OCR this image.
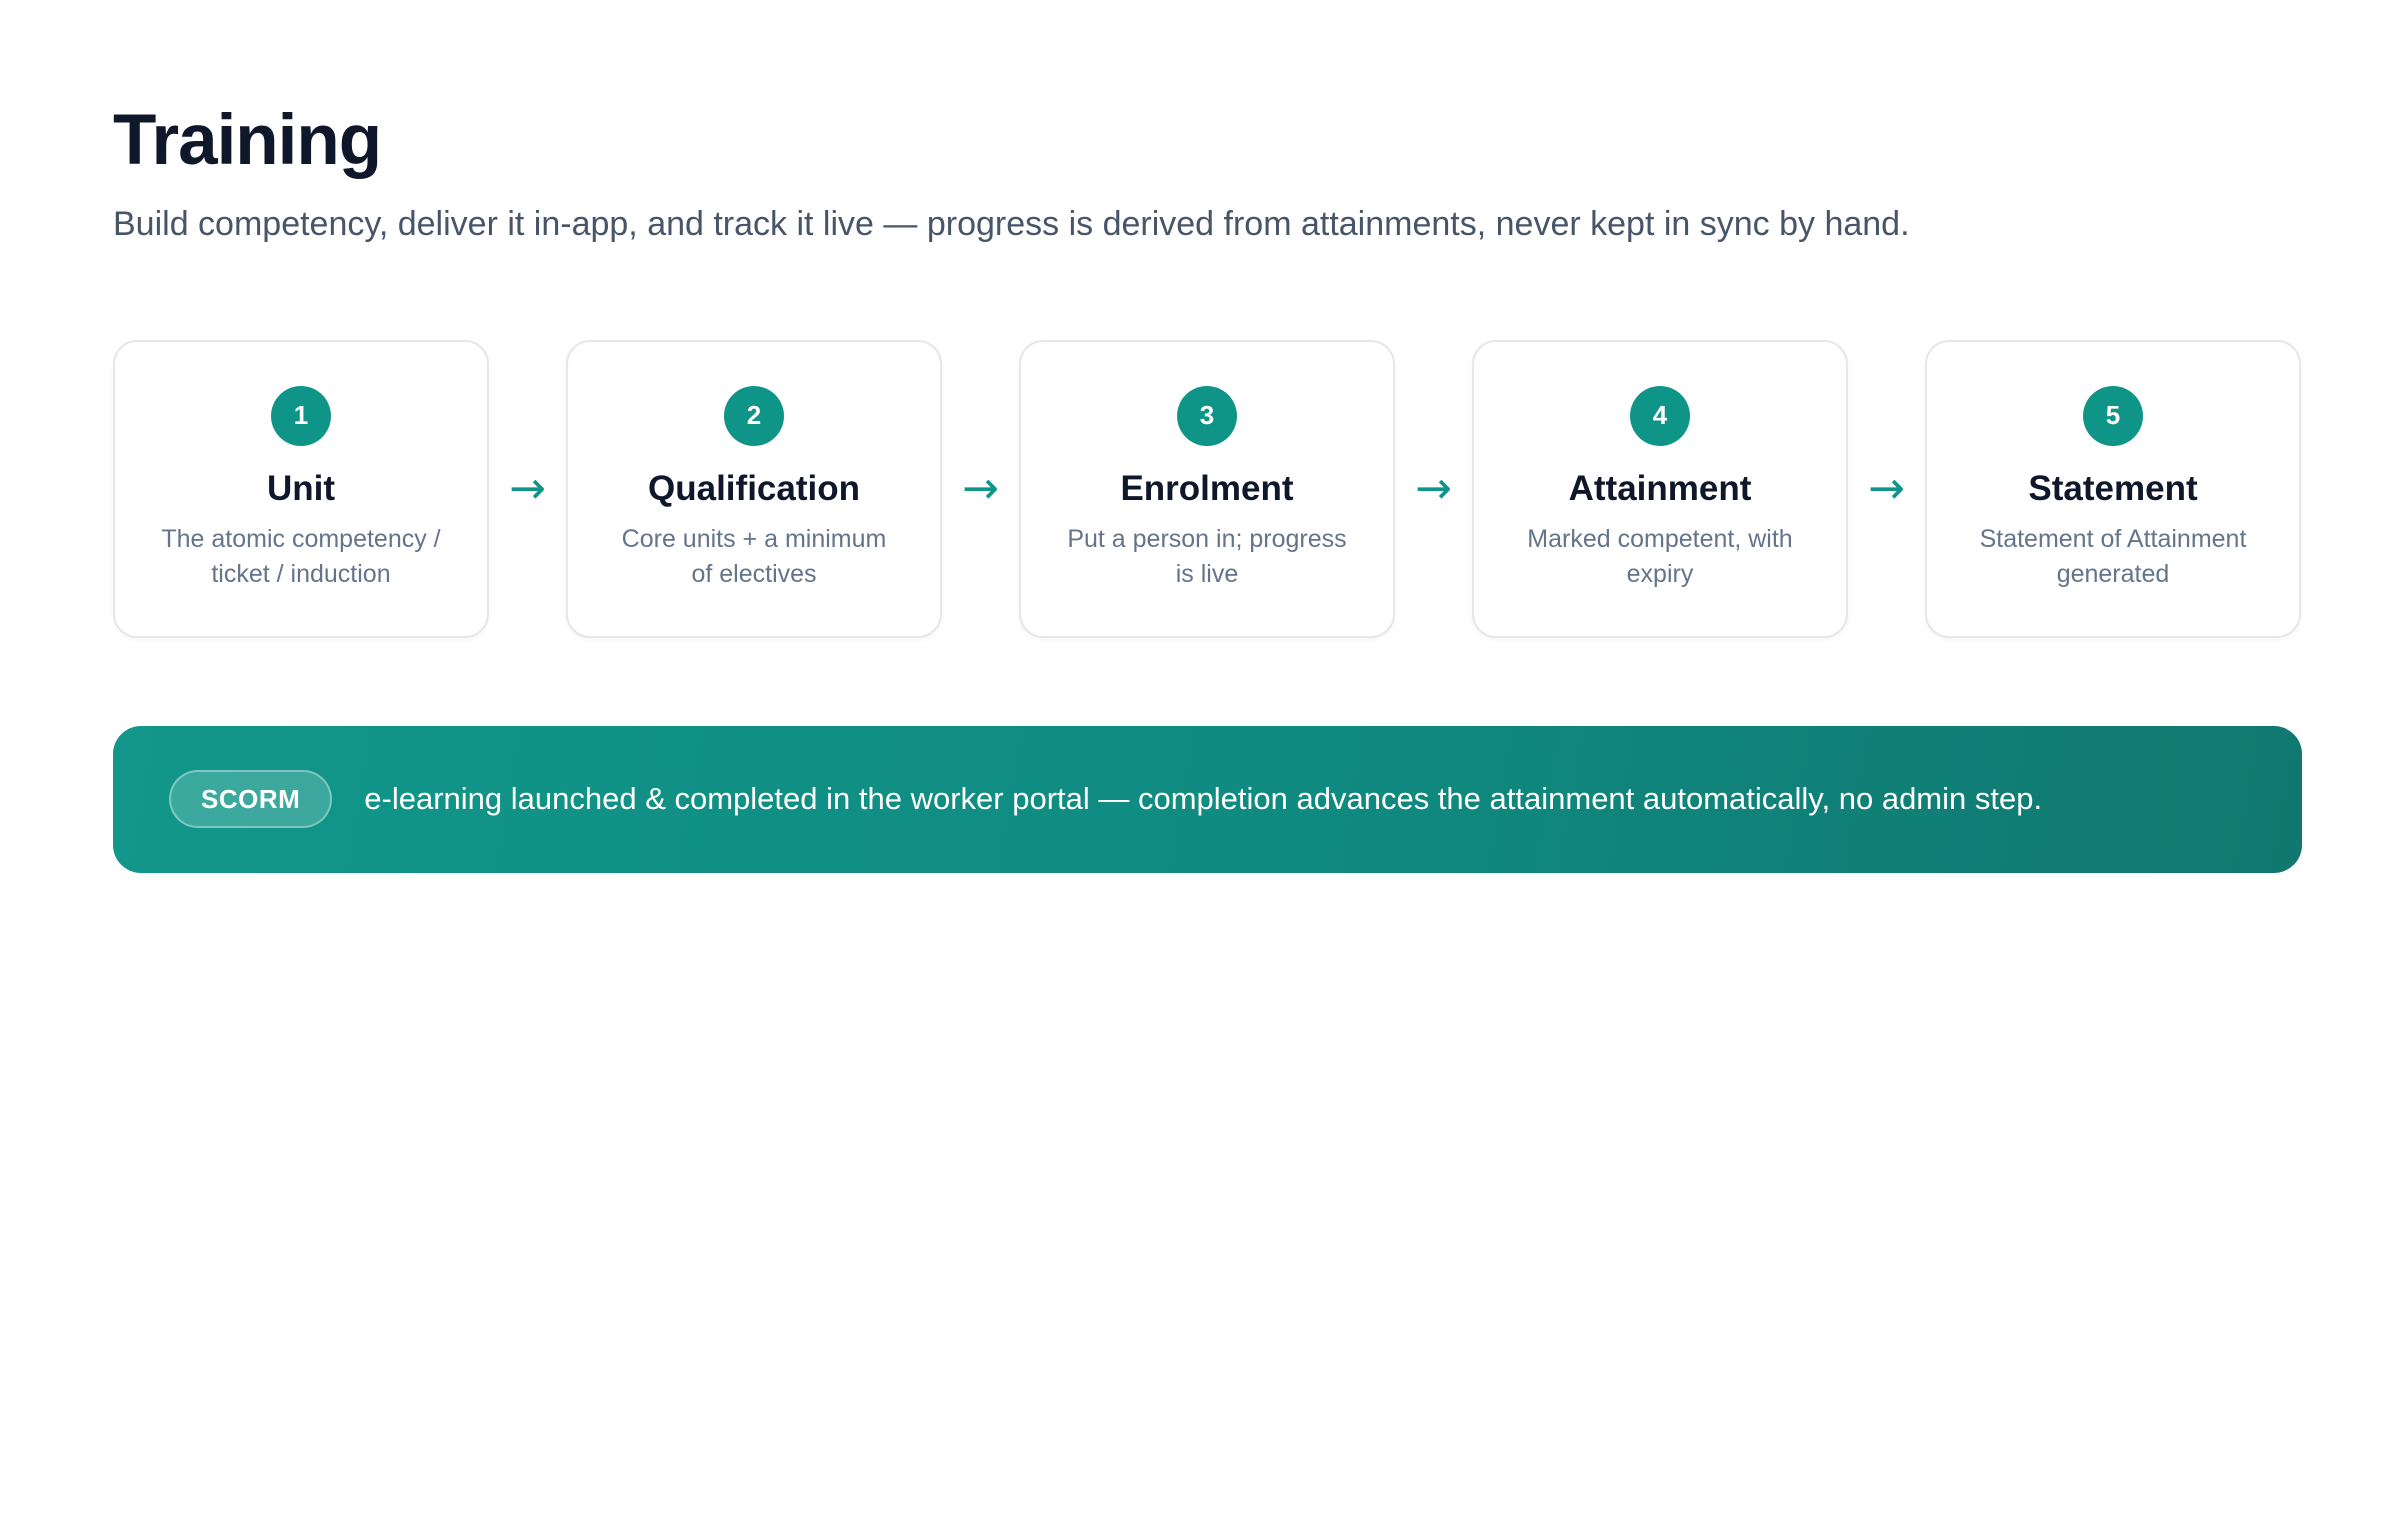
Training

Build competency, deliver it in-app, and track it live — progress is derived from attainments, never kept in sync by hand.

1
Unit
The atomic competency / ticket / induction
→
2
Qualification
Core units + a minimum of electives
→
3
Enrolment
Put a person in; progress is live
→
4
Attainment
Marked competent, with expiry
→
5
Statement
Statement of Attainment generated
SCORM	e-learning launched & completed in the worker portal — completion advances the attainment automatically, no admin step.
